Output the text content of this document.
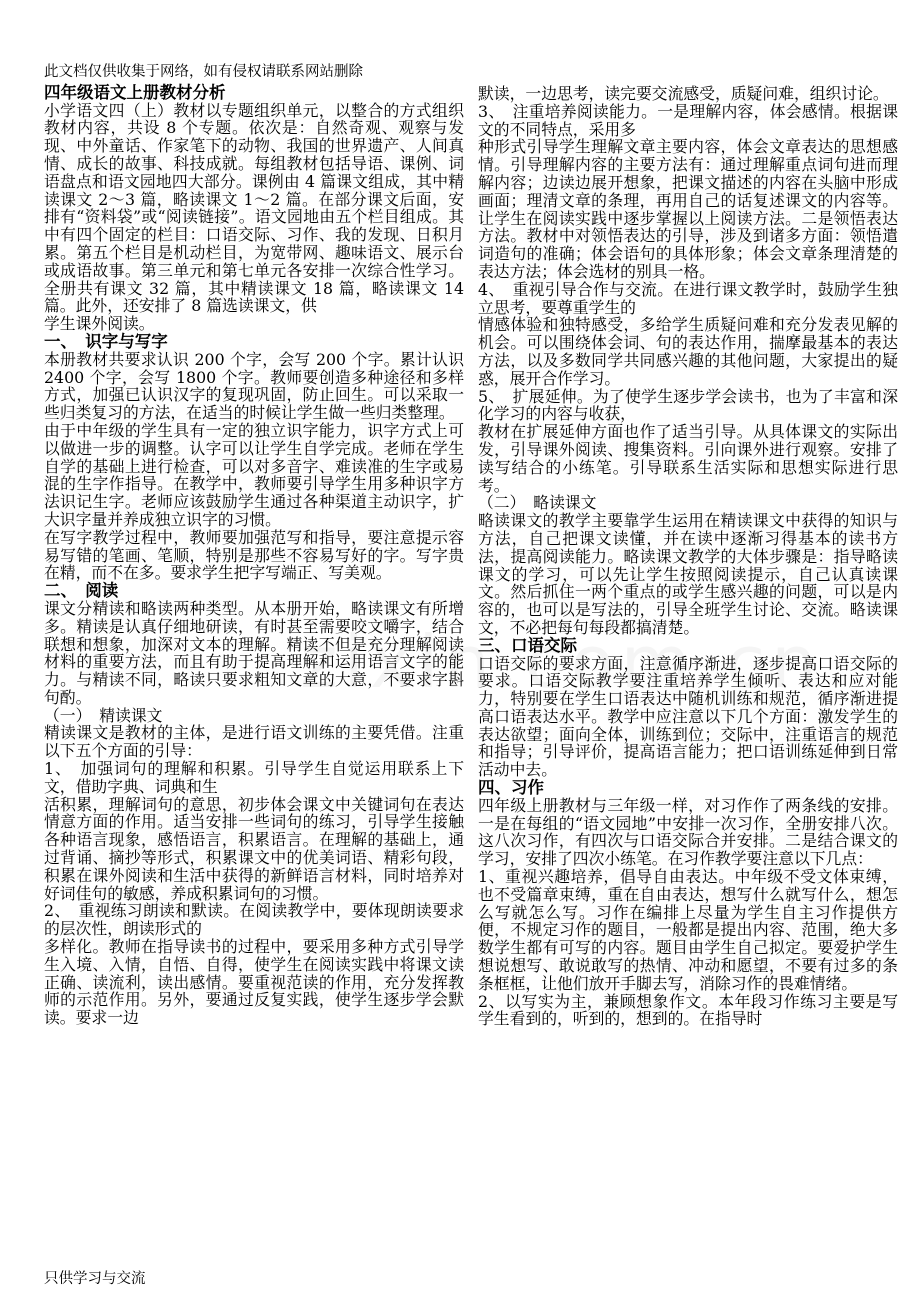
此文档仅供收集于网络，如有侵权请联系网站删除

四年级语文上册教材分析

小学语文四（上）教材以专题组织单元，以整合的方式组织教材内容，共设 8 个专题。依次是：自然奇观、观察与发现、中外童话、作家笔下的动物、我国的世界遗产、人间真情、成长的故事、科技成就。每组教材包括导语、课例、词语盘点和语文园地四大部分。课例由 4 篇课文组成，其中精读课文 2～3 篇，略读课文 1～2 篇。在部分课文后面，安排有“资料袋”或“阅读链接”。语文园地由五个栏目组成。其中有四个固定的栏目：口语交际、习作、我的发现、日积月累。第五个栏目是机动栏目，为宽带网、趣味语文、展示台或成语故事。第三单元和第七单元各安排一次综合性学习。全册共有课文 32 篇，其中精读课文 18 篇，略读课文 14 篇。此外，还安排了 8 篇选读课文，供

学生课外阅读。

一、　识字与写字

本册教材共要求认识 200 个字，会写 200 个字。累计认识 2400 个字，会写 1800 个字。教师要创造多种途径和多样方式，加强已认识汉字的复现巩固，防止回生。可以采取一些归类复习的方法，在适当的时候让学生做一些归类整理。

由于中年级的学生具有一定的独立识字能力，识字方式上可以做进一步的调整。认字可以让学生自学完成。老师在学生自学的基础上进行检查，可以对多音字、难读准的生字或易混的生字作指导。在教学中，教师要引导学生用多种识字方法识记生字。老师应该鼓励学生通过各种渠道主动识字，扩大识字量并养成独立识字的习惯。

在写字教学过程中，教师要加强范写和指导，要注意提示容易写错的笔画、笔顺，特别是那些不容易写好的字。写字贵在精，而不在多。要求学生把字写端正、写美观。

二、　阅读

课文分精读和略读两种类型。从本册开始，略读课文有所增多。精读是认真仔细地研读，有时甚至需要咬文嚼字，结合联想和想象，加深对文本的理解。精读不但是充分理解阅读材料的重要方法，而且有助于提高理解和运用语言文字的能力。与精读不同，略读只要求粗知文章的大意，不要求字斟句酌。

（一）　精读课文

精读课文是教材的主体，是进行语文训练的主要凭借。注重以下五个方面的引导：

1、　加强词句的理解和积累。引导学生自觉运用联系上下文，借助字典、词典和生

活积累，理解词句的意思，初步体会课文中关键词句在表达情意方面的作用。适当安排一些词句的练习，引导学生接触各种语言现象，感悟语言，积累语言。在理解的基础上，通过背诵、摘抄等形式，积累课文中的优美词语、精彩句段，积累在课外阅读和生活中获得的新鲜语言材料，同时培养对好词佳句的敏感，养成积累词句的习惯。

2、　重视练习朗读和默读。在阅读教学中，要体现朗读要求的层次性，朗读形式的

多样化。教师在指导读书的过程中，要采用多种方式引导学生入境、入情，自悟、自得，使学生在阅读实践中将课文读正确、读流利，读出感情。要重视范读的作用，充分发挥教师的示范作用。另外，要通过反复实践，使学生逐步学会默读。要求一边

默读，一边思考，读完要交流感受，质疑问难，组织讨论。

3、　注重培养阅读能力。一是理解内容，体会感情。根据课文的不同特点，采用多

种形式引导学生理解文章主要内容，体会文章表达的思想感情。引导理解内容的主要方法有：通过理解重点词句进而理解内容；边读边展开想象，把课文描述的内容在头脑中形成画面；理清文章的条理，再用自己的话复述课文的内容等。让学生在阅读实践中逐步掌握以上阅读方法。二是领悟表达方法。教材中对领悟表达的引导，涉及到诸多方面：领悟遣词造句的准确；体会语句的具体形象；体会文章条理清楚的表达方法；体会选材的别具一格。

4、　重视引导合作与交流。在进行课文教学时，鼓励学生独立思考，要尊重学生的

情感体验和独特感受，多给学生质疑问难和充分发表见解的机会。可以围绕体会词、句的表达作用，揣摩最基本的表达方法，以及多数同学共同感兴趣的其他问题，大家提出的疑惑，展开合作学习。

5、　扩展延伸。为了使学生逐步学会读书，也为了丰富和深化学习的内容与收获，

教材在扩展延伸方面也作了适当引导。从具体课文的实际出发，引导课外阅读、搜集资料。引向课外进行观察。安排了读写结合的小练笔。引导联系生活实际和思想实际进行思考。

（二）　略读课文

略读课文的教学主要靠学生运用在精读课文中获得的知识与方法，自己把课文读懂，并在读中逐渐习得基本的读书方法，提高阅读能力。略读课文教学的大体步骤是：指导略读课文的学习，可以先让学生按照阅读提示，自己认真读课文。然后抓住一两个重点的或学生感兴趣的问题，可以是内容的，也可以是写法的，引导全班学生讨论、交流。略读课文，不必把每句每段都搞清楚。

三、口语交际

口语交际的要求方面，注意循序渐进，逐步提高口语交际的要求。口语交际教学要注重培养学生倾听、表达和应对能力，特别要在学生口语表达中随机训练和规范，循序渐进提高口语表达水平。教学中应注意以下几个方面：激发学生的表达欲望；面向全体，训练到位；交际中，注重语言的规范和指导；引导评价，提高语言能力；把口语训练延伸到日常活动中去。

四、习作

四年级上册教材与三年级一样，对习作作了两条线的安排。一是在每组的“语文园地”中安排一次习作，全册安排八次。这八次习作，有四次与口语交际合并安排。二是结合课文的学习，安排了四次小练笔。在习作教学要注意以下几点：

1、重视兴趣培养，倡导自由表达。中年级不受文体束缚，也不受篇章束缚，重在自由表达，想写什么就写什么，想怎么写就怎么写。习作在编排上尽量为学生自主习作提供方便，不规定习作的题目，一般都是提出内容、范围，绝大多数学生都有可写的内容。题目由学生自己拟定。要爱护学生想说想写、敢说敢写的热情、冲动和愿望，不要有过多的条条框框，让他们放开手脚去写，消除习作的畏难情绪。

2、以写实为主，兼顾想象作文。本年段习作练习主要是写学生看到的，听到的，想到的。在指导时

只供学习与交流
